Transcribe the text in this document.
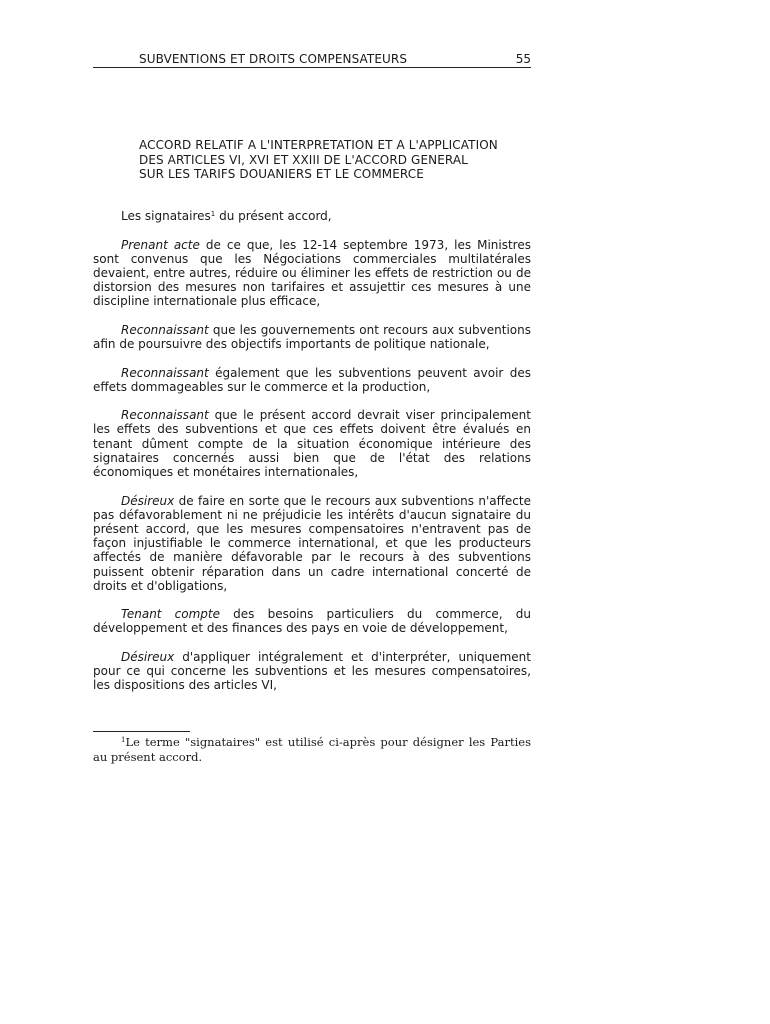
SUBVENTIONS ET DROITS COMPENSATEURS	55
ACCORD RELATIF A L'INTERPRETATION ET A L'APPLICATION
DES ARTICLES VI, XVI ET XXIII DE L'ACCORD GENERAL
SUR LES TARIFS DOUANIERS ET LE COMMERCE

Les signataires$^1$ du présent accord,

Prenant acte de ce que, les 12-14 septembre 1973, les Ministres sont convenus que les Négociations commerciales multilatérales devaient, entre autres, réduire ou éliminer les effets de restriction ou de distorsion des mesures non tarifaires et assujettir ces mesures à une discipline internationale plus efficace,

Reconnaissant que les gouvernements ont recours aux subventions afin de poursuivre des objectifs importants de politique nationale,

Reconnaissant également que les subventions peuvent avoir des effets dommageables sur le commerce et la production,

Reconnaissant que le présent accord devrait viser principalement les effets des subventions et que ces effets doivent être évalués en tenant dûment compte de la situation économique intérieure des signataires concernés aussi bien que de l'état des relations économiques et monétaires internationales,

Désireux de faire en sorte que le recours aux subventions n'affecte pas défavorablement ni ne préjudicie les intérêts d'aucun signataire du présent accord, que les mesures compensatoires n'entravent pas de façon injustifiable le commerce international, et que les producteurs affectés de manière défavorable par le recours à des subventions puissent obtenir réparation dans un cadre international concerté de droits et d'obligations,

Tenant compte des besoins particuliers du commerce, du développement et des finances des pays en voie de développement,

Désireux d'appliquer intégralement et d'interpréter, uniquement pour ce qui concerne les subventions et les mesures compensatoires, les dispositions des articles VI,

$^1$Le terme "signataires" est utilisé ci-après pour désigner les Parties au présent accord.
